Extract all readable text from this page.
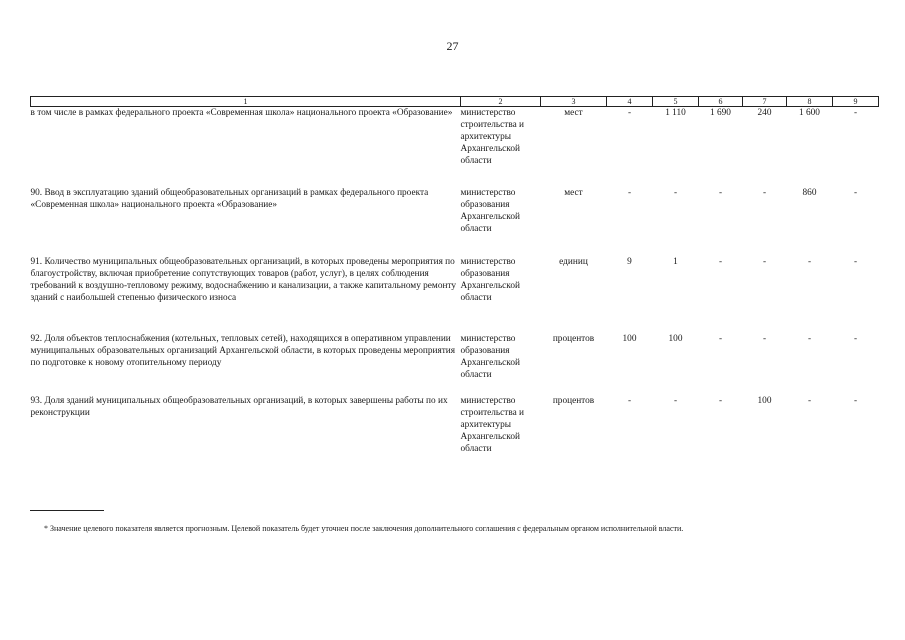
27
1	2	3	4	5	6	7	8	9
в том числе в рамках федерального проекта «Современная школа» национального проекта «Образование»	министерство строительства и архитектуры Архангельской области	мест	-	1 110	1 690	240	1 600	-
90. Ввод в эксплуатацию зданий общеобразовательных организаций в рамках федерального проекта «Современная школа» национального проекта «Образование»	министерство образования Архангельской области	мест	-	-	-	-	860	-
91. Количество муниципальных общеобразовательных организаций, в которых проведены мероприятия по благоустройству, включая приобретение сопутствующих товаров (работ, услуг), в целях соблюдения требований к воздушно-тепловому режиму, водоснабжению и канализации, а также капитальному ремонту зданий с наибольшей степенью физического износа	министерство образования Архангельской области	единиц	9	1	-	-	-	-
92. Доля объектов теплоснабжения (котельных, тепловых сетей), находящихся в оперативном управлении муниципальных образовательных организаций Архангельской области, в которых проведены мероприятия по подготовке к новому отопительному периоду	министерство образования Архангельской области	процентов	100	100	-	-	-	-
93. Доля зданий муниципальных общеобразовательных организаций, в которых завершены работы по их реконструкции	министерство строительства и архитектуры Архангельской области	процентов	-	-	-	100	-	-
* Значение целевого показателя является прогнозным. Целевой показатель будет уточнен после заключения дополнительного соглашения с федеральным органом исполнительной власти.
